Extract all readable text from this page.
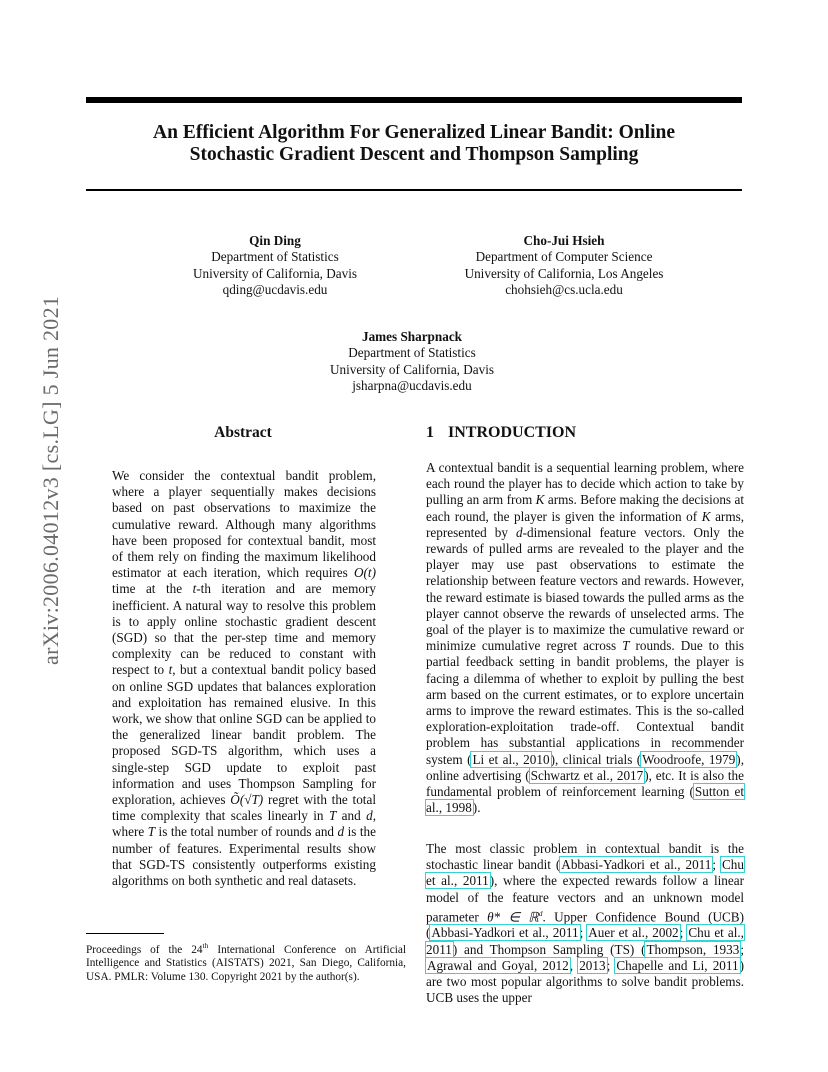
An Efficient Algorithm For Generalized Linear Bandit: Online
Stochastic Gradient Descent and Thompson Sampling
arXiv:2006.04012v3 [cs.LG] 5 Jun 2021
Qin Ding
Department of Statistics
University of California, Davis
qding@ucdavis.edu
Cho-Jui Hsieh
Department of Computer Science
University of California, Los Angeles
chohsieh@cs.ucla.edu
James Sharpnack
Department of Statistics
University of California, Davis
jsharpna@ucdavis.edu
Abstract	1 INTRODUCTION

We consider the contextual bandit problem, where a player sequentially makes decisions based on past observations to maximize the cumulative reward. Although many algorithms have been proposed for contextual bandit, most of them rely on finding the maximum likelihood estimator at each iteration, which requires O(t) time at the t-th iteration and are memory inefficient. A natural way to resolve this problem is to apply online stochastic gradient descent (SGD) so that the per-step time and memory complexity can be reduced to constant with respect to t, but a contextual bandit policy based on online SGD updates that balances exploration and exploitation has remained elusive. In this work, we show that online SGD can be applied to the generalized linear bandit problem. The proposed SGD-TS algorithm, which uses a single-step SGD update to exploit past information and uses Thompson Sampling for exploration, achieves Õ(√T) regret with the total time complexity that scales linearly in T and d, where T is the total number of rounds and d is the number of features. Experimental results show that SGD-TS consistently outperforms existing algorithms on both synthetic and real datasets.

A contextual bandit is a sequential learning problem, where each round the player has to decide which action to take by pulling an arm from K arms. Before making the decisions at each round, the player is given the information of K arms, represented by d-dimensional feature vectors. Only the rewards of pulled arms are revealed to the player and the player may use past observations to estimate the relationship between feature vectors and rewards. However, the reward estimate is biased towards the pulled arms as the player cannot observe the rewards of unselected arms. The goal of the player is to maximize the cumulative reward or minimize cumulative regret across T rounds. Due to this partial feedback setting in bandit problems, the player is facing a dilemma of whether to exploit by pulling the best arm based on the current estimates, or to explore uncertain arms to improve the reward estimates. This is the so-called exploration-exploitation trade-off. Contextual bandit problem has substantial applications in recommender system (Li et al., 2010), clinical trials (Woodroofe, 1979), online advertising (Schwartz et al., 2017), etc. It is also the fundamental problem of reinforcement learning (Sutton et al., 1998).

The most classic problem in contextual bandit is the stochastic linear bandit (Abbasi-Yadkori et al., 2011; Chu et al., 2011), where the expected rewards follow a linear model of the feature vectors and an unknown model parameter θ* ∈ ℝ$^d$. Upper Confidence Bound (UCB) (Abbasi-Yadkori et al., 2011; Auer et al., 2002; Chu et al., 2011) and Thompson Sampling (TS) (Thompson, 1933; Agrawal and Goyal, 2012, 2013; Chapelle and Li, 2011) are two most popular algorithms to solve bandit problems. UCB uses the upper

Proceedings of the 24th International Conference on Artificial Intelligence and Statistics (AISTATS) 2021, San Diego, California, USA. PMLR: Volume 130. Copyright 2021 by the author(s).
